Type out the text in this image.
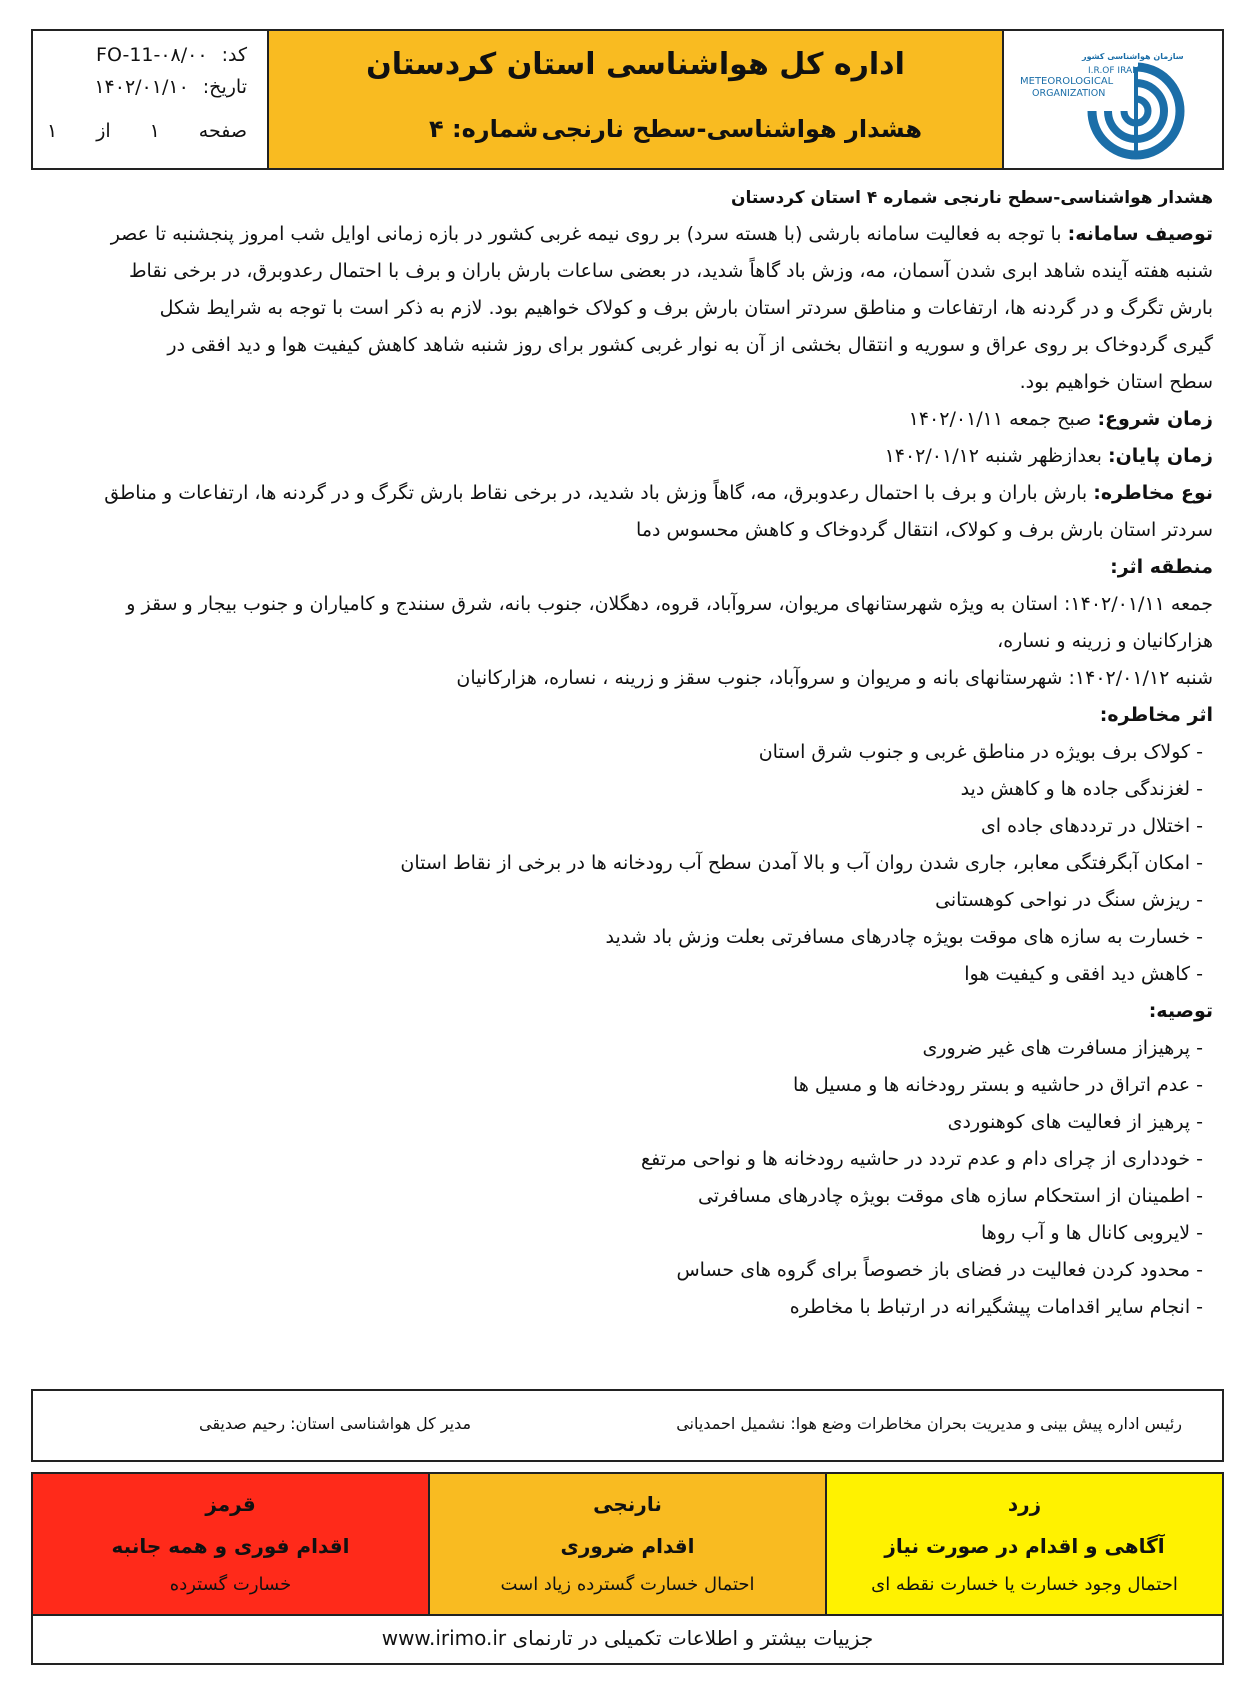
کد:
FO-11-۰۸/۰۰
تاریخ:
۱۴۰۲/۰۱/۱۰
صفحه
۱
از
۱
اداره کل هواشناسی استان کردستان
هشدار هواشناسی-سطح نارنجی
شماره: ۴
سازمان هواشناسی کشور
I.R.OF IRAN
METEOROLOGICAL
ORGANIZATION
هشدار هواشناسی-سطح نارنجی شماره ۴ استان کردستان
توصیف سامانه: با توجه به فعالیت سامانه بارشی (با هسته سرد) بر روی نیمه غربی کشور در بازه زمانی اوایل شب امروز پنجشنبه تا عصر
شنبه هفته آینده شاهد ابری شدن آسمان، مه، وزش باد گاهاً شدید، در بعضی ساعات بارش باران و برف با احتمال رعدوبرق، در برخی نقاط
بارش تگرگ و در گردنه ها، ارتفاعات و مناطق سردتر استان بارش برف و کولاک خواهیم بود. لازم به ذکر است با توجه به شرایط شکل
گیری گردوخاک بر روی عراق و سوریه و انتقال بخشی از آن به نوار غربی کشور برای روز شنبه شاهد کاهش کیفیت هوا و دید افقی در
سطح استان خواهیم بود.
زمان شروع: صبح جمعه ۱۴۰۲/۰۱/۱۱
زمان پایان: بعدازظهر شنبه ۱۴۰۲/۰۱/۱۲
نوع مخاطره: بارش باران و برف با احتمال رعدوبرق، مه، گاهاً وزش باد شدید، در برخی نقاط بارش تگرگ و در گردنه ها، ارتفاعات و مناطق
سردتر استان بارش برف و کولاک، انتقال گردوخاک و کاهش محسوس دما
منطقه اثر:
جمعه ۱۴۰۲/۰۱/۱۱: استان به ویژه شهرستانهای مریوان، سروآباد، قروه، دهگلان، جنوب بانه، شرق سنندج و کامیاران و جنوب بیجار و سقز و
هزارکانیان و زرینه و نساره،
شنبه ۱۴۰۲/۰۱/۱۲: شهرستانهای بانه و مریوان و سروآباد، جنوب سقز و زرینه ، نساره، هزارکانیان
اثر مخاطره:
- کولاک برف بویژه در مناطق غربی و جنوب شرق استان
- لغزندگی جاده ها و کاهش دید
- اختلال در ترددهای جاده ای
- امکان آبگرفتگی معابر، جاری شدن روان آب و بالا آمدن سطح آب رودخانه ها در برخی از نقاط استان
- ریزش سنگ در نواحی کوهستانی
- خسارت به سازه های موقت بویژه چادرهای مسافرتی بعلت وزش باد شدید
- کاهش دید افقی و کیفیت هوا
توصیه:
- پرهیزاز مسافرت های غیر ضروری
- عدم اتراق در حاشیه و بستر رودخانه ها و مسیل ها
- پرهیز از فعالیت های کوهنوردی
- خودداری از چرای دام و عدم تردد در حاشیه رودخانه ها و نواحی مرتفع
- اطمینان از استحکام سازه های موقت بویژه چادرهای مسافرتی
- لایروبی کانال ها و آب روها
- محدود کردن فعالیت در فضای باز خصوصاً برای گروه های حساس
- انجام سایر اقدامات پیشگیرانه در ارتباط با مخاطره
رئیس اداره پیش بینی و مدیریت بحران مخاطرات وضع هوا: نشمیل احمدیانی
مدیر کل هواشناسی استان: رحیم صدیقی
زرد
آگاهی و اقدام در صورت نیاز
احتمال وجود خسارت یا خسارت نقطه ای
نارنجی
اقدام ضروری
احتمال خسارت گسترده زیاد است
قرمز
اقدام فوری و همه جانبه
خسارت گسترده
جزییات بیشتر و اطلاعات تکمیلی در تارنمای www.irimo.ir
